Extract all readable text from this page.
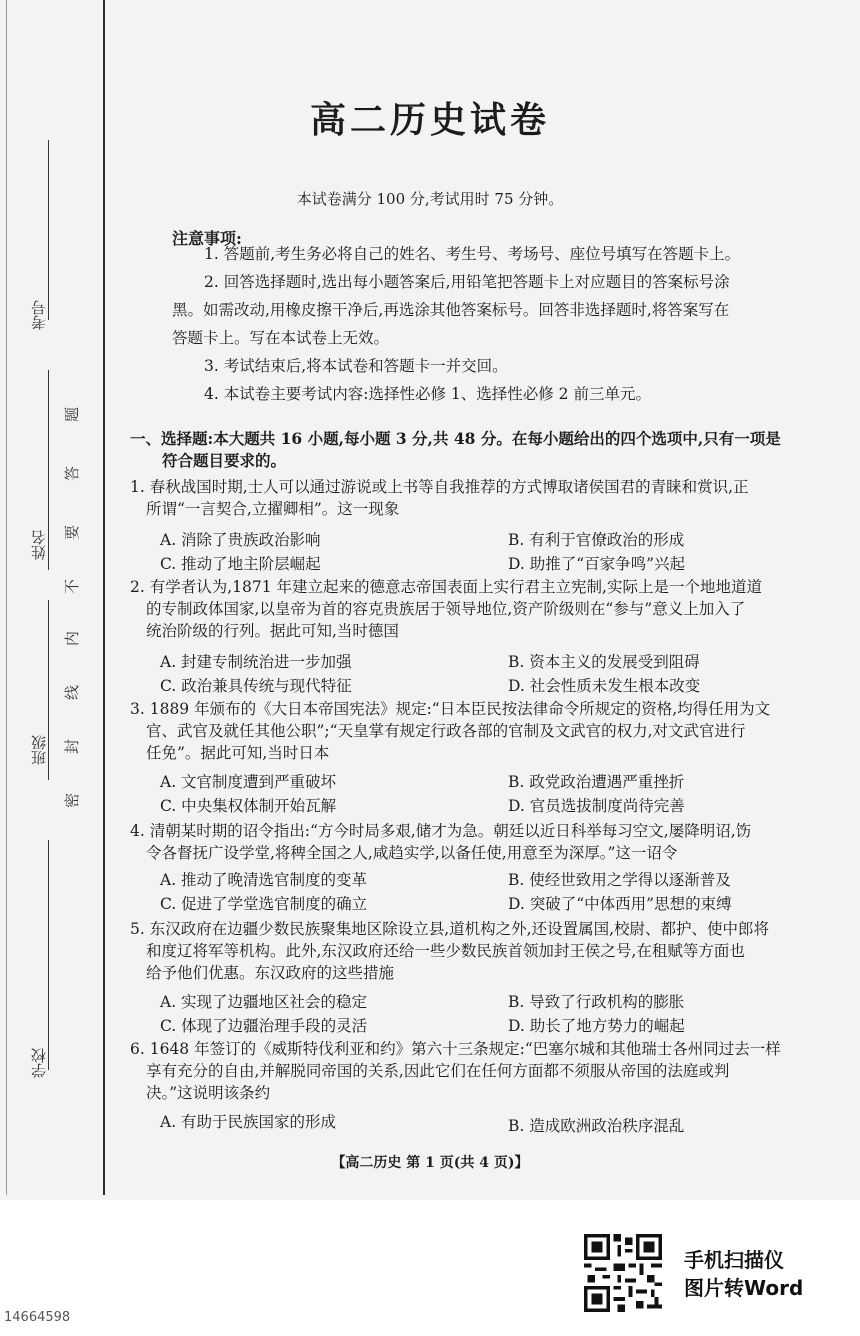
考号
姓名
班级
学校
题
答
要
不
内
线
封
密
高二历史试卷
本试卷满分 100 分,考试用时 75 分钟。
注意事项:
1. 答题前,考生务必将自己的姓名、考生号、考场号、座位号填写在答题卡上。
2. 回答选择题时,选出每小题答案后,用铅笔把答题卡上对应题目的答案标号涂
黑。如需改动,用橡皮擦干净后,再选涂其他答案标号。回答非选择题时,将答案写在
答题卡上。写在本试卷上无效。
3. 考试结束后,将本试卷和答题卡一并交回。
4. 本试卷主要考试内容:选择性必修 1、选择性必修 2 前三单元。
一、选择题:本大题共 16 小题,每小题 3 分,共 48 分。在每小题给出的四个选项中,只有一项是
符合题目要求的。
1. 春秋战国时期,士人可以通过游说或上书等自我推荐的方式博取诸侯国君的青睐和赏识,正
所谓“一言契合,立擢卿相”。这一现象
A. 消除了贵族政治影响	B. 有利于官僚政治的形成
C. 推动了地主阶层崛起	D. 助推了“百家争鸣”兴起
2. 有学者认为,1871 年建立起来的德意志帝国表面上实行君主立宪制,实际上是一个地地道道
的专制政体国家,以皇帝为首的容克贵族居于领导地位,资产阶级则在“参与”意义上加入了
统治阶级的行列。据此可知,当时德国
A. 封建专制统治进一步加强	B. 资本主义的发展受到阻碍
C. 政治兼具传统与现代特征	D. 社会性质未发生根本改变
3. 1889 年颁布的《大日本帝国宪法》规定:“日本臣民按法律命令所规定的资格,均得任用为文
官、武官及就任其他公职”;“天皇掌有规定行政各部的官制及文武官的权力,对文武官进行
任免”。据此可知,当时日本
A. 文官制度遭到严重破坏	B. 政党政治遭遇严重挫折
C. 中央集权体制开始瓦解	D. 官员选拔制度尚待完善
4. 清朝某时期的诏令指出:“方今时局多艰,储才为急。朝廷以近日科举每习空文,屡降明诏,饬
令各督抚广设学堂,将稗全国之人,咸趋实学,以备任使,用意至为深厚。”这一诏令
A. 推动了晚清选官制度的变革	B. 使经世致用之学得以逐渐普及
C. 促进了学堂选官制度的确立	D. 突破了“中体西用”思想的束缚
5. 东汉政府在边疆少数民族聚集地区除设立县,道机构之外,还设置属国,校尉、都护、使中郎将
和度辽将军等机构。此外,东汉政府还给一些少数民族首领加封王侯之号,在租赋等方面也
给予他们优惠。东汉政府的这些措施
A. 实现了边疆地区社会的稳定	B. 导致了行政机构的膨胀
C. 体现了边疆治理手段的灵活	D. 助长了地方势力的崛起
6. 1648 年签订的《威斯特伐利亚和约》第六十三条规定:“巴塞尔城和其他瑞士各州同过去一样
享有充分的自由,并解脱同帝国的关系,因此它们在任何方面都不须服从帝国的法庭或判
决。”这说明该条约
A. 有助于民族国家的形成	B. 造成欧洲政治秩序混乱
【高二历史 第 1 页(共 4 页)】
手机扫描仪
图片转Word
14664598
